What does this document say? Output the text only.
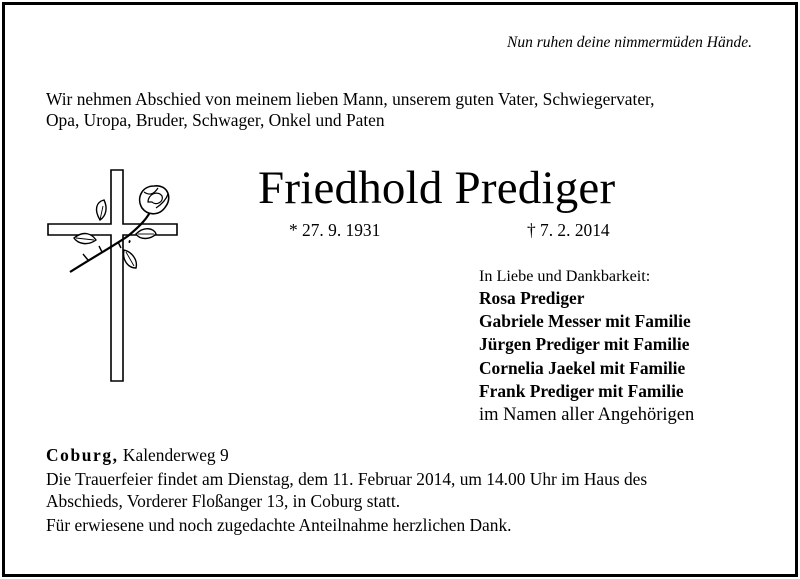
Nun ruhen deine nimmermüden Hände.
Wir nehmen Abschied von meinem lieben Mann, unserem guten Vater, Schwiegervater,
Opa, Uropa, Bruder, Schwager, Onkel und Paten
Friedhold Prediger
* 27. 9. 1931	† 7. 2. 2014
In Liebe und Dankbarkeit:
Rosa Prediger
Gabriele Messer mit Familie
Jürgen Prediger mit Familie
Cornelia Jaekel mit Familie
Frank Prediger mit Familie
im Namen aller Angehörigen
Coburg, Kalenderweg 9
Die Trauerfeier findet am Dienstag, dem 11. Februar 2014, um 14.00 Uhr im Haus des
Abschieds, Vorderer Floßanger 13, in Coburg statt.
Für erwiesene und noch zugedachte Anteilnahme herzlichen Dank.
